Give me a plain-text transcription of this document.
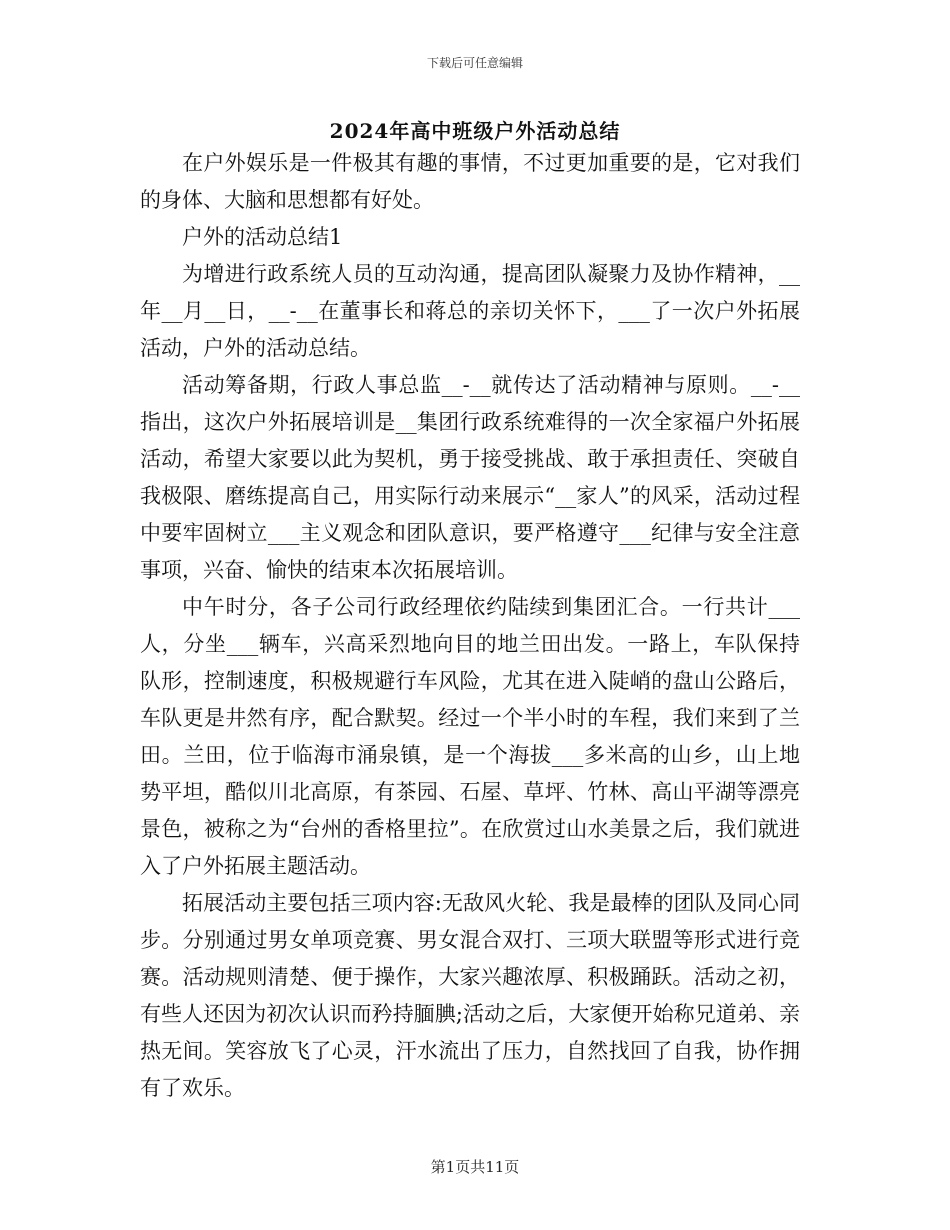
下载后可任意编辑
2024年高中班级户外活动总结

在户外娱乐是一件极其有趣的事情，不过更加重要的是，它对我们的身体、大脑和思想都有好处。

户外的活动总结1

为增进行政系统人员的互动沟通，提高团队凝聚力及协作精神，__年__月__日，__-__在董事长和蒋总的亲切关怀下，___了一次户外拓展活动，户外的活动总结。

活动筹备期，行政人事总监__-__就传达了活动精神与原则。__-__指出，这次户外拓展培训是__集团行政系统难得的一次全家福户外拓展活动，希望大家要以此为契机，勇于接受挑战、敢于承担责任、突破自我极限、磨练提高自己，用实际行动来展示“__家人”的风采，活动过程中要牢固树立___主义观念和团队意识，要严格遵守___纪律与安全注意事项，兴奋、愉快的结束本次拓展培训。

中午时分，各子公司行政经理依约陆续到集团汇合。一行共计___人，分坐___辆车，兴高采烈地向目的地兰田出发。一路上，车队保持队形，控制速度，积极规避行车风险，尤其在进入陡峭的盘山公路后，车队更是井然有序，配合默契。经过一个半小时的车程，我们来到了兰田。兰田，位于临海市涌泉镇，是一个海拔___多米高的山乡，山上地势平坦，酷似川北高原，有茶园、石屋、草坪、竹林、高山平湖等漂亮景色，被称之为“台州的香格里拉”。在欣赏过山水美景之后，我们就进入了户外拓展主题活动。

拓展活动主要包括三项内容:无敌风火轮、我是最棒的团队及同心同步。分别通过男女单项竞赛、男女混合双打、三项大联盟等形式进行竞赛。活动规则清楚、便于操作，大家兴趣浓厚、积极踊跃。活动之初，有些人还因为初次认识而矜持腼腆;活动之后，大家便开始称兄道弟、亲热无间。笑容放飞了心灵，汗水流出了压力，自然找回了自我，协作拥有了欢乐。

第1页共11页
